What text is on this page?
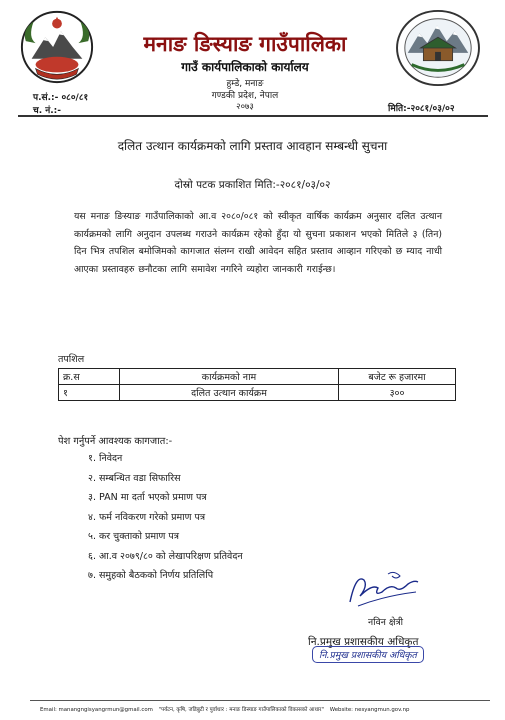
मनाङ ङिस्याङ गाउँपालिका
गाउँ कार्यपालिकाको कार्यालय
हुम्डे, मनाङ
गण्डकी प्रदेश, नेपाल
२०७३
प.सं.:- ०८०/८१
च. नं.:-	मिति:-२०८१/०३/०२
दलित उत्थान कार्यक्रमको लागि प्रस्ताव आवहान सम्बन्धी सुचना
दोस्रो पटक प्रकाशित मिति:-२०८१/०३/०२
यस मनाङ ङिस्याङ गाउँपालिकाको आ.व २०८०/०८१ को स्वीकृत वार्षिक कार्यक्रम अनुसार दलित उत्थान कार्यक्रमको लागि अनुदान उपलब्ध गराउने कार्यक्रम रहेको हुँदा यो सुचना प्रकाशन भएको मितिले ३ (तिन) दिन भित्र तपशिल बमोजिमको कागजात संलग्न राखी आवेदन सहित प्रस्ताव आव्हान गरिएको छ म्याद नाधी आएका प्रस्तावहरु छनौटका लागि समावेश नगरिने व्यहोरा जानकारी गराईन्छ।
तपशिल
क्र.स	कार्यक्रमको नाम	बजेट रू हजारमा
१	दलित उत्थान कार्यक्रम	३००
पेश गर्नुपर्ने आवश्यक कागजात:-
१. निवेदन
२. सम्बन्धित वडा सिफारिस
३. PAN मा दर्ता भएको प्रमाण पत्र
४. फर्म नविकरण गरेको प्रमाण पत्र
५. कर चुक्ताको प्रमाण पत्र
६. आ.व २०७९/८० को लेखापरिक्षण प्रतिवेदन
७. समुहको बैठकको निर्णय प्रतिलिपि
नविन क्षेत्री
नि.प्रमुख प्रशासकीय अधिकृत
नि.प्रमुख प्रशासकीय अधिकृत
Email: manangngisyangrmun@gmail.com "पर्यटन, कृषि, जडिबुटी र पुर्वाधार : मनाङ ङिस्याङ गाउँपालिकाको विकासको आधार" Website: nesyangmun.gov.np
